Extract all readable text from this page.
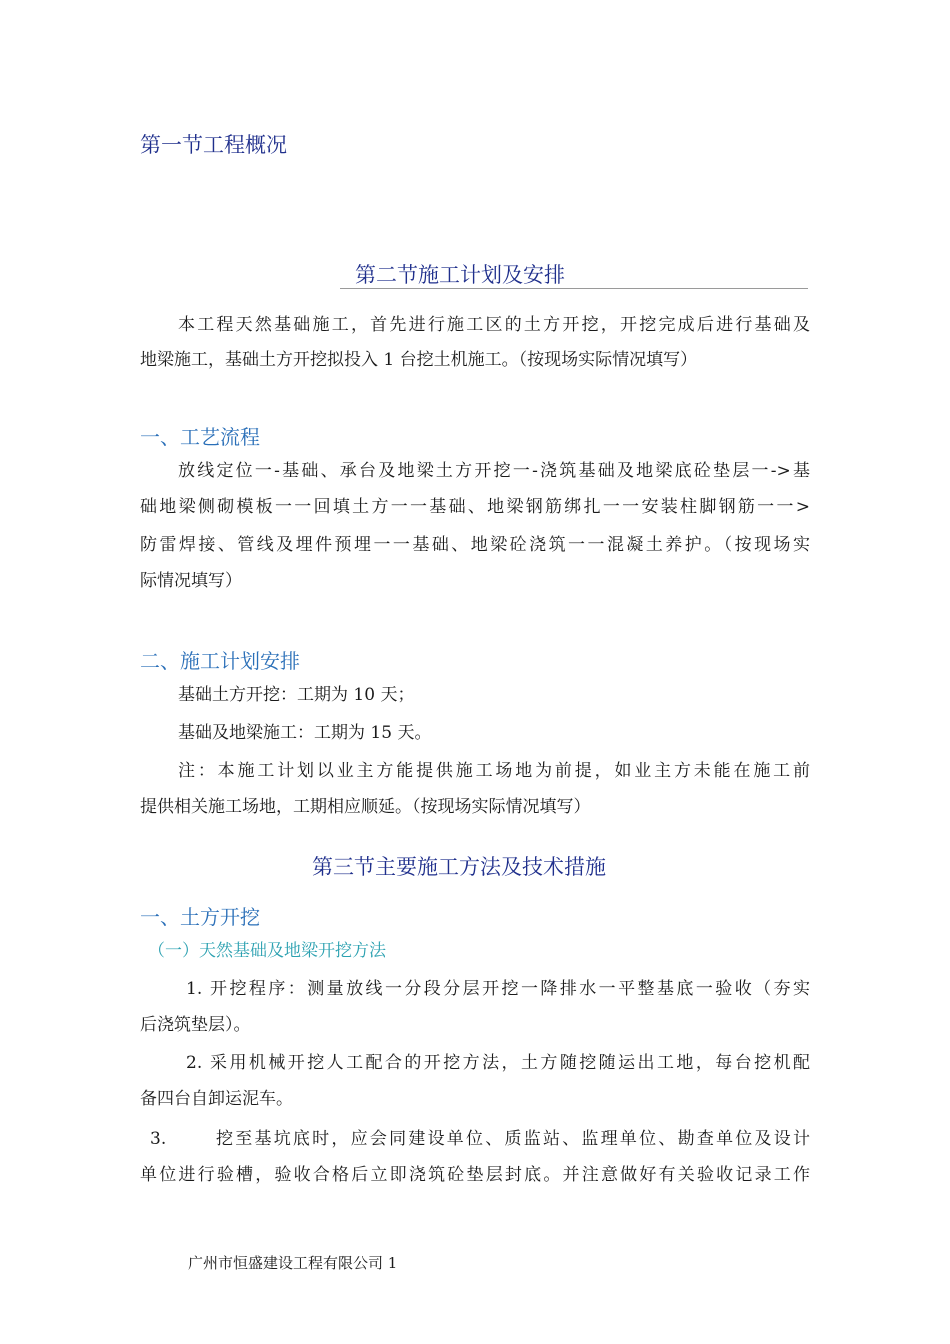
第一节工程概况
第二节施工计划及安排
本工程天然基础施工，首先进行施工区的土方开挖，开挖完成后进行基础及
地梁施工，基础土方开挖拟投入 1 台挖土机施工。（按现场实际情况填写）
一、工艺流程
放线定位一-基础、承台及地梁土方开挖一-浇筑基础及地梁底砼垫层一->基
础地梁侧砌模板一一回填土方一一基础、地梁钢筋绑扎一一安装柱脚钢筋一一>
防雷焊接、管线及埋件预埋一一基础、地梁砼浇筑一一混凝土养护。（按现场实
际情况填写）
二、施工计划安排
基础土方开挖：工期为 10 天；
基础及地梁施工：工期为 15 天。
注：本施工计划以业主方能提供施工场地为前提，如业主方未能在施工前
提供相关施工场地，工期相应顺延。（按现场实际情况填写）
第三节主要施工方法及技术措施
一、土方开挖
（一）天然基础及地梁开挖方法
1. 开挖程序：测量放线一分段分层开挖一降排水一平整基底一验收（夯实
后浇筑垫层）。
2. 采用机械开挖人工配合的开挖方法，土方随挖随运出工地，每台挖机配
备四台自卸运泥车。
3.	挖至基坑底时，应会同建设单位、质监站、监理单位、勘查单位及设计
单位进行验槽，验收合格后立即浇筑砼垫层封底。并注意做好有关验收记录工作
广州市恒盛建设工程有限公司 1
